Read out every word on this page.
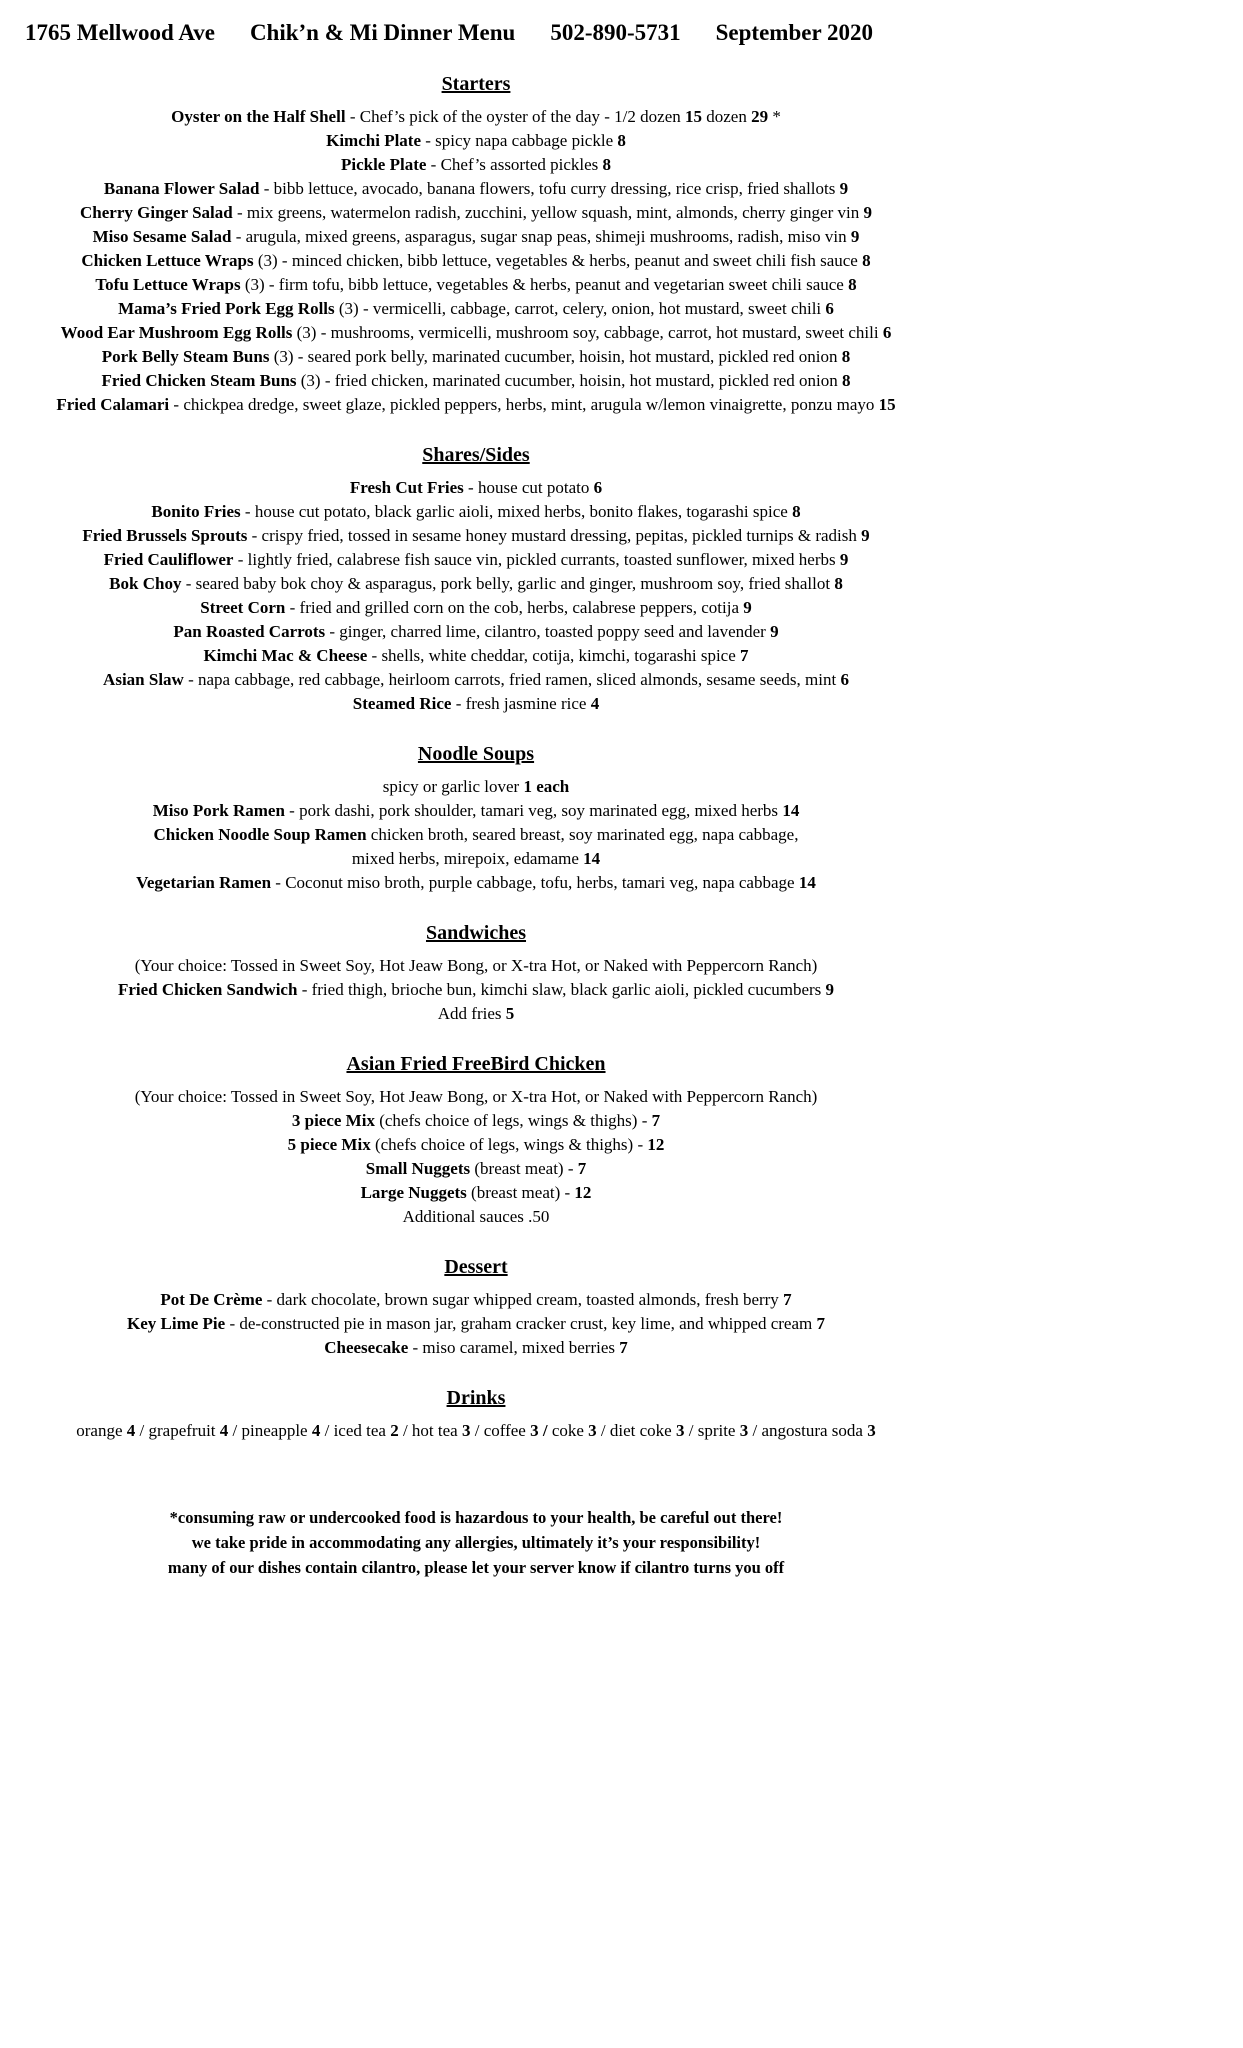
1765 Mellwood Ave Chik’n & Mi Dinner Menu 502-890-5731 September 2020
Starters
Oyster on the Half Shell - Chef’s pick of the oyster of the day - 1/2 dozen 15 dozen 29 *
Kimchi Plate - spicy napa cabbage pickle 8
Pickle Plate - Chef’s assorted pickles 8
Banana Flower Salad - bibb lettuce, avocado, banana flowers, tofu curry dressing, rice crisp, fried shallots 9
Cherry Ginger Salad - mix greens, watermelon radish, zucchini, yellow squash, mint, almonds, cherry ginger vin 9
Miso Sesame Salad - arugula, mixed greens, asparagus, sugar snap peas, shimeji mushrooms, radish, miso vin 9
Chicken Lettuce Wraps (3) - minced chicken, bibb lettuce, vegetables & herbs, peanut and sweet chili fish sauce 8
Tofu Lettuce Wraps (3) - firm tofu, bibb lettuce, vegetables & herbs, peanut and vegetarian sweet chili sauce 8
Mama’s Fried Pork Egg Rolls (3) - vermicelli, cabbage, carrot, celery, onion, hot mustard, sweet chili 6
Wood Ear Mushroom Egg Rolls (3) - mushrooms, vermicelli, mushroom soy, cabbage, carrot, hot mustard, sweet chili 6
Pork Belly Steam Buns (3) - seared pork belly, marinated cucumber, hoisin, hot mustard, pickled red onion 8
Fried Chicken Steam Buns (3) - fried chicken, marinated cucumber, hoisin, hot mustard, pickled red onion 8
Fried Calamari - chickpea dredge, sweet glaze, pickled peppers, herbs, mint, arugula w/lemon vinaigrette, ponzu mayo 15
Shares/Sides
Fresh Cut Fries - house cut potato 6
Bonito Fries - house cut potato, black garlic aioli, mixed herbs, bonito flakes, togarashi spice 8
Fried Brussels Sprouts - crispy fried, tossed in sesame honey mustard dressing, pepitas, pickled turnips & radish 9
Fried Cauliflower - lightly fried, calabrese fish sauce vin, pickled currants, toasted sunflower, mixed herbs 9
Bok Choy - seared baby bok choy & asparagus, pork belly, garlic and ginger, mushroom soy, fried shallot 8
Street Corn - fried and grilled corn on the cob, herbs, calabrese peppers, cotija 9
Pan Roasted Carrots - ginger, charred lime, cilantro, toasted poppy seed and lavender 9
Kimchi Mac & Cheese - shells, white cheddar, cotija, kimchi, togarashi spice 7
Asian Slaw - napa cabbage, red cabbage, heirloom carrots, fried ramen, sliced almonds, sesame seeds, mint 6
Steamed Rice - fresh jasmine rice 4
Noodle Soups
spicy or garlic lover 1 each
Miso Pork Ramen - pork dashi, pork shoulder, tamari veg, soy marinated egg, mixed herbs 14
Chicken Noodle Soup Ramen chicken broth, seared breast, soy marinated egg, napa cabbage,
mixed herbs, mirepoix, edamame 14
Vegetarian Ramen - Coconut miso broth, purple cabbage, tofu, herbs, tamari veg, napa cabbage 14
Sandwiches
(Your choice: Tossed in Sweet Soy, Hot Jeaw Bong, or X-tra Hot, or Naked with Peppercorn Ranch)
Fried Chicken Sandwich - fried thigh, brioche bun, kimchi slaw, black garlic aioli, pickled cucumbers 9
Add fries 5
Asian Fried FreeBird Chicken
(Your choice: Tossed in Sweet Soy, Hot Jeaw Bong, or X-tra Hot, or Naked with Peppercorn Ranch)
3 piece Mix (chefs choice of legs, wings & thighs) - 7
5 piece Mix (chefs choice of legs, wings & thighs) - 12
Small Nuggets (breast meat) - 7
Large Nuggets (breast meat) - 12
Additional sauces .50
Dessert
Pot De Crème - dark chocolate, brown sugar whipped cream, toasted almonds, fresh berry 7
Key Lime Pie - de-constructed pie in mason jar, graham cracker crust, key lime, and whipped cream 7
Cheesecake - miso caramel, mixed berries 7
Drinks
orange 4 / grapefruit 4 / pineapple 4 / iced tea 2 / hot tea 3 / coffee 3 / coke 3 / diet coke 3 / sprite 3 / angostura soda 3
*consuming raw or undercooked food is hazardous to your health, be careful out there!
we take pride in accommodating any allergies, ultimately it’s your responsibility!
many of our dishes contain cilantro, please let your server know if cilantro turns you off
